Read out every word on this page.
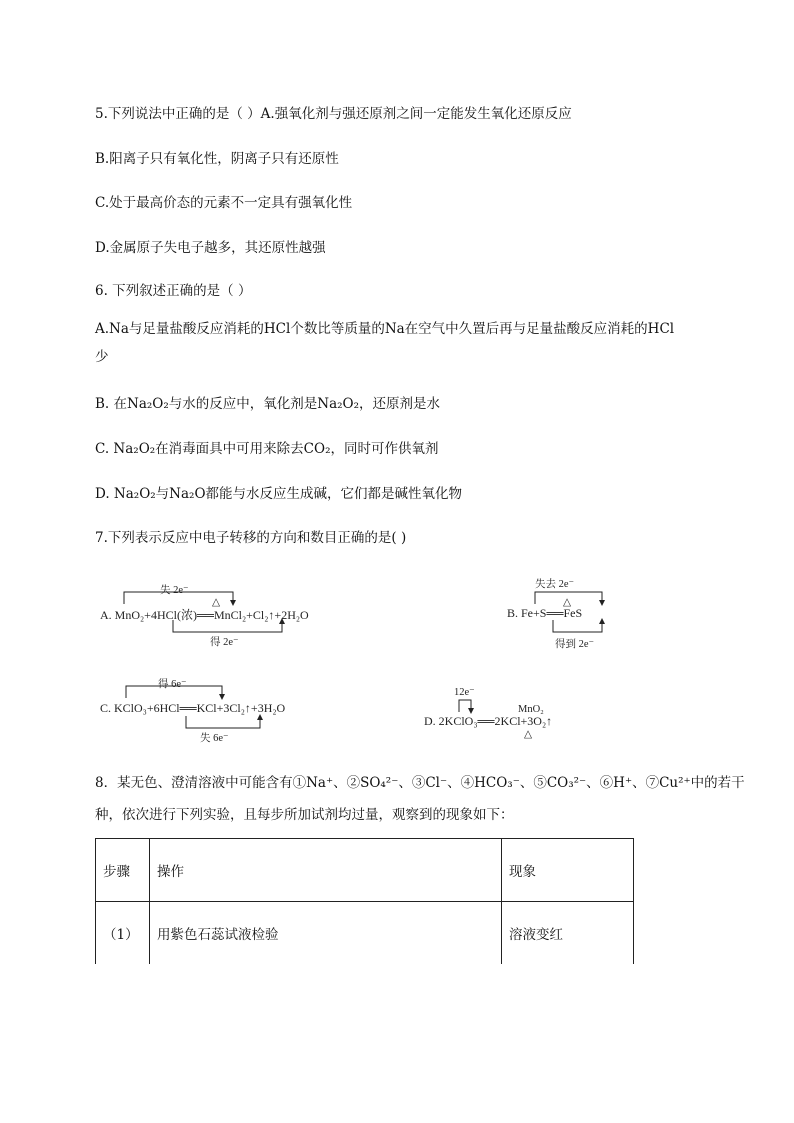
5.下列说法中正确的是（ ）A.强氧化剂与强还原剂之间一定能发生氧化还原反应
B.阳离子只有氧化性，阴离子只有还原性
C.处于最高价态的元素不一定具有强氧化性
D.金属原子失电子越多，其还原性越强
6. 下列叙述正确的是（ ）
A.Na与足量盐酸反应消耗的HCl个数比等质量的Na在空气中久置后再与足量盐酸反应消耗的HCl
少
B. 在Na₂O₂与水的反应中，氧化剂是Na₂O₂，还原剂是水
C. Na₂O₂在消毒面具中可用来除去CO₂，同时可作供氧剂
D. Na₂O₂与Na₂O都能与水反应生成碱，它们都是碱性氧化物
7.下列表示反应中电子转移的方向和数目正确的是( )
失 2e⁻
△
A. MnO₂+4HCl(浓)══MnCl₂+Cl₂↑+2H₂O
得 2e⁻
失去 2e⁻
△
B. Fe+S══FeS
得到 2e⁻
得 6e⁻
C. KClO₃+6HCl══KCl+3Cl₂↑+3H₂O
失 6e⁻
12e⁻
MnO₂
D. 2KClO₃══2KCl+3O₂↑
△
8．某无色、澄清溶液中可能含有①Na⁺、②SO₄²⁻、③Cl⁻、④HCO₃⁻、⑤CO₃²⁻、⑥H⁺、⑦Cu²⁺中的若干
种，依次进行下列实验，且每步所加试剂均过量，观察到的现象如下：
步骤	操作	现象
（1）	用紫色石蕊试液检验	溶液变红
